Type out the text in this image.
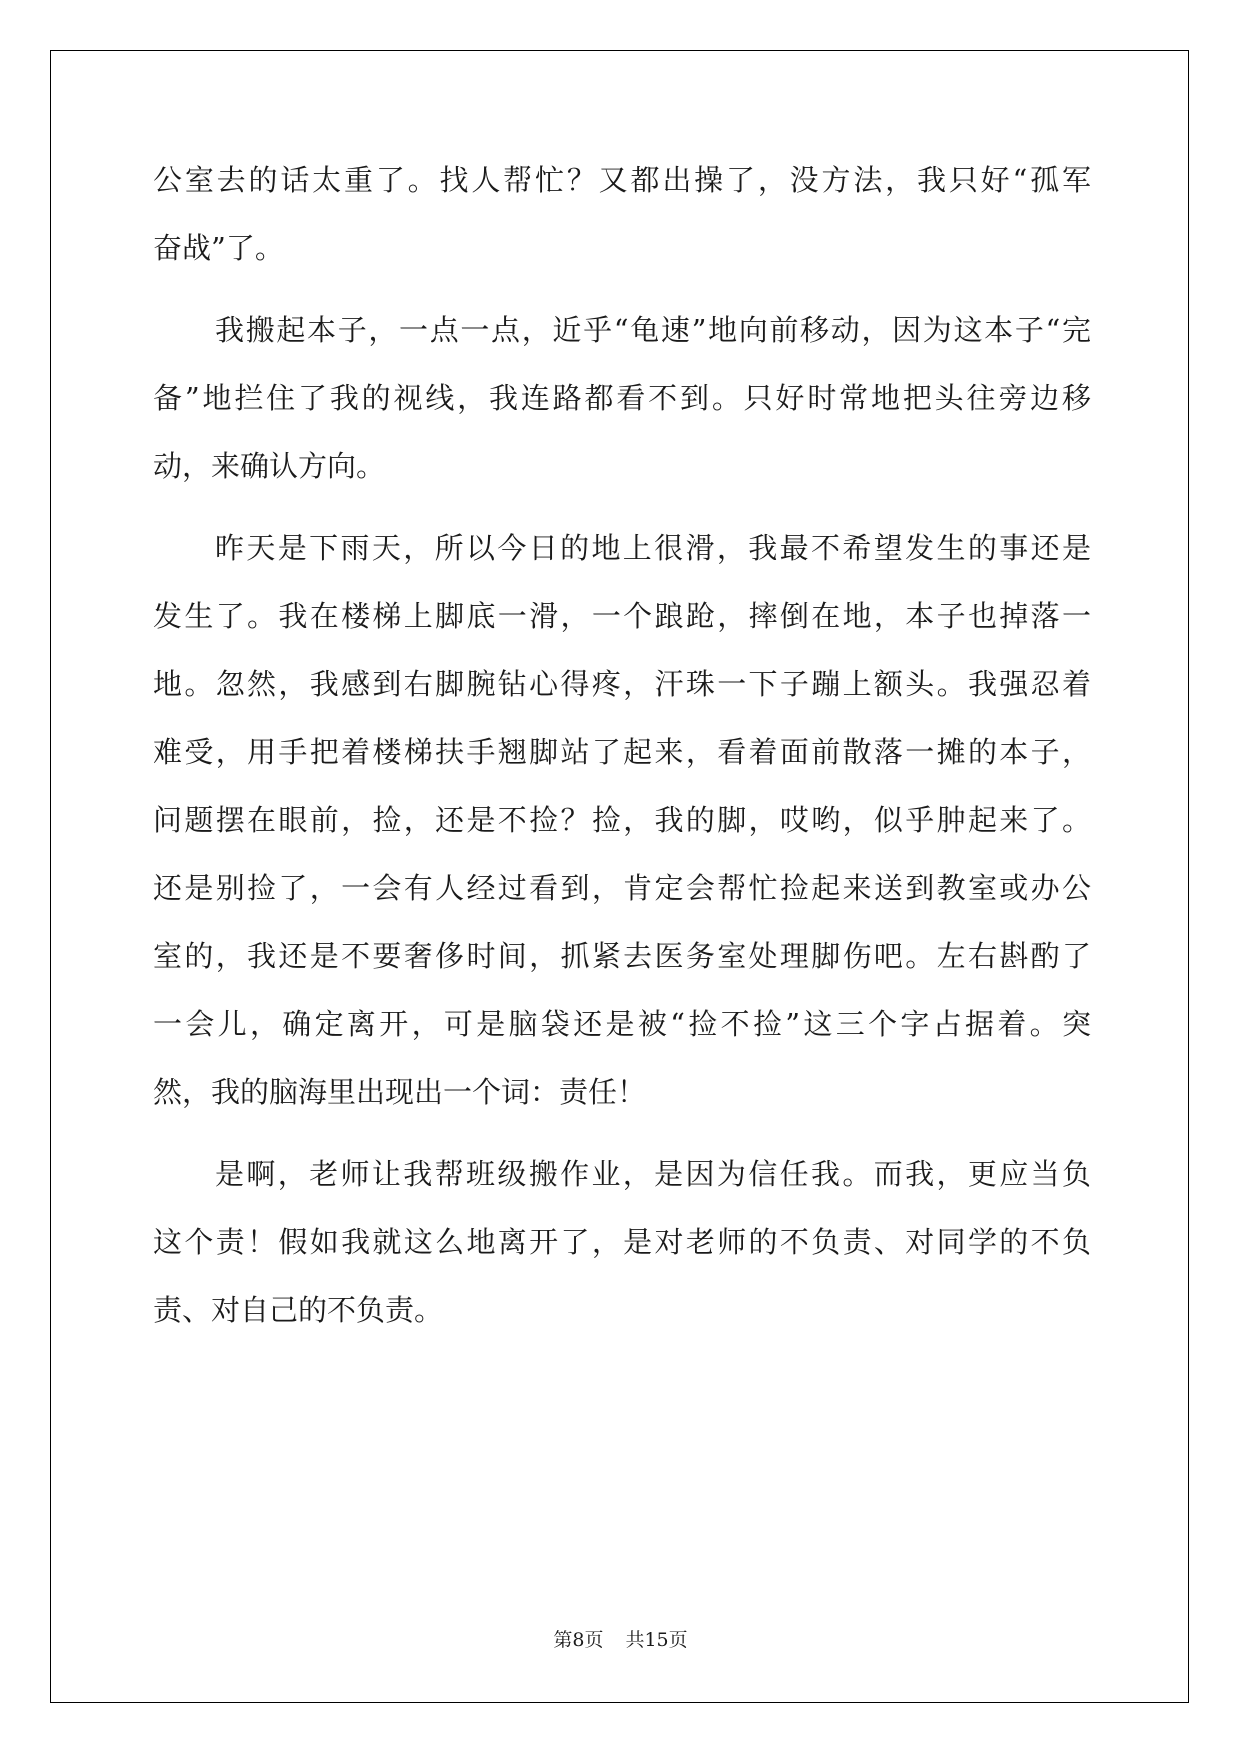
公室去的话太重了。找人帮忙？又都出操了，没方法，我只好“孤军
奋战”了。
我搬起本子，一点一点，近乎“龟速”地向前移动，因为这本子“完
备”地拦住了我的视线，我连路都看不到。只好时常地把头往旁边移
动，来确认方向。
昨天是下雨天，所以今日的地上很滑，我最不希望发生的事还是
发生了。我在楼梯上脚底一滑，一个踉跄，摔倒在地，本子也掉落一
地。忽然，我感到右脚腕钻心得疼，汗珠一下子蹦上额头。我强忍着
难受，用手把着楼梯扶手翘脚站了起来，看着面前散落一摊的本子，
问题摆在眼前，捡，还是不捡？捡，我的脚，哎哟，似乎肿起来了。
还是别捡了，一会有人经过看到，肯定会帮忙捡起来送到教室或办公
室的，我还是不要奢侈时间，抓紧去医务室处理脚伤吧。左右斟酌了
一会儿，确定离开，可是脑袋还是被“捡不捡”这三个字占据着。突
然，我的脑海里出现出一个词：责任！
是啊，老师让我帮班级搬作业，是因为信任我。而我，更应当负
这个责！假如我就这么地离开了，是对老师的不负责、对同学的不负
责、对自己的不负责。
第8页 共15页
